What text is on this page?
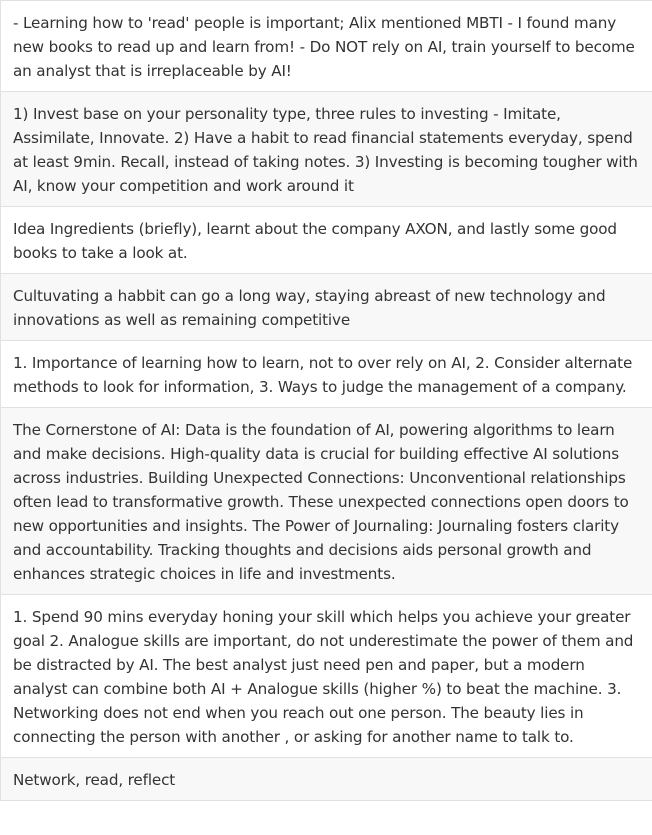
- Learning how to 'read' people is important; Alix mentioned MBTI - I found many new books to read up and learn from! - Do NOT rely on AI, train yourself to become an analyst that is irreplaceable by AI!
1) Invest base on your personality type, three rules to investing - Imitate, Assimilate, Innovate. 2) Have a habit to read financial statements everyday, spend at least 9min. Recall, instead of taking notes. 3) Investing is becoming tougher with AI, know your competition and work around it
Idea Ingredients (briefly), learnt about the company AXON, and lastly some good books to take a look at.
Cultuvating a habbit can go a long way, staying abreast of new technology and innovations as well as remaining competitive
1. Importance of learning how to learn, not to over rely on AI, 2. Consider alternate methods to look for information, 3. Ways to judge the management of a company.
The Cornerstone of AI: Data is the foundation of AI, powering algorithms to learn and make decisions. High-quality data is crucial for building effective AI solutions across industries. Building Unexpected Connections: Unconventional relationships often lead to transformative growth. These unexpected connections open doors to new opportunities and insights. The Power of Journaling: Journaling fosters clarity and accountability. Tracking thoughts and decisions aids personal growth and enhances strategic choices in life and investments.
1. Spend 90 mins everyday honing your skill which helps you achieve your greater goal 2. Analogue skills are important, do not underestimate the power of them and be distracted by AI. The best analyst just need pen and paper, but a modern analyst can combine both AI + Analogue skills (higher %) to beat the machine. 3. Networking does not end when you reach out one person. The beauty lies in connecting the person with another , or asking for another name to talk to.
Network, read, reflect
